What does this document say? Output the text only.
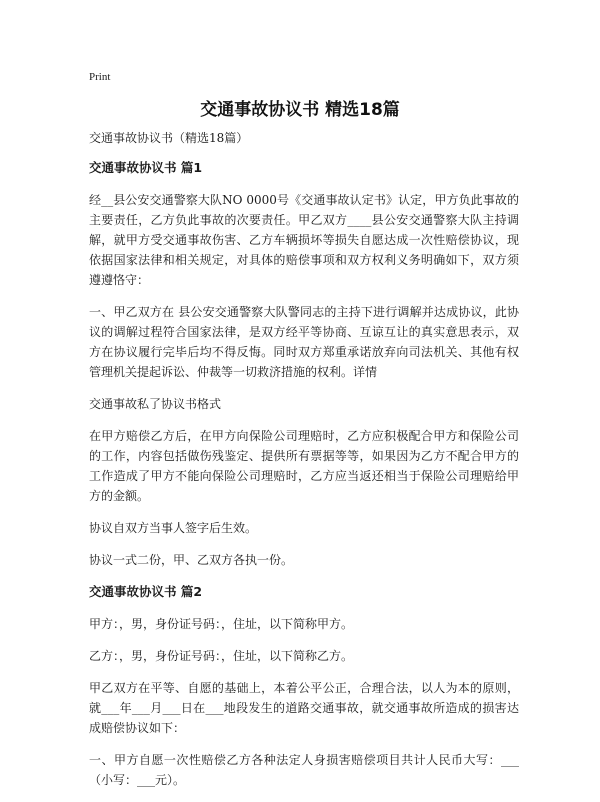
Print
交通事故协议书 精选18篇

交通事故协议书（精选18篇）

交通事故协议书 篇1

经__县公安交通警察大队NO 0000号《交通事故认定书》认定，甲方负此事故的主要责任，乙方负此事故的次要责任。甲乙双方____县公安交通警察大队主持调解，就甲方受交通事故伤害、乙方车辆损坏等损失自愿达成一次性赔偿协议，现依据国家法律和相关规定，对具体的赔偿事项和双方权利义务明确如下，双方须遵遵恪守：

一、甲乙双方在 县公安交通警察大队警同志的主持下进行调解并达成协议，此协议的调解过程符合国家法律，是双方经平等协商、互谅互让的真实意思表示，双方在协议履行完毕后均不得反悔。同时双方郑重承诺放弃向司法机关、其他有权管理机关提起诉讼、仲裁等一切救济措施的权利。详情

交通事故私了协议书格式

在甲方赔偿乙方后，在甲方向保险公司理赔时，乙方应积极配合甲方和保险公司的工作，内容包括做伤残鉴定、提供所有票据等等，如果因为乙方不配合甲方的工作造成了甲方不能向保险公司理赔时，乙方应当返还相当于保险公司理赔给甲方的金额。

协议自双方当事人签字后生效。

协议一式二份，甲、乙双方各执一份。

交通事故协议书 篇2

甲方：，男，身份证号码：，住址，以下简称甲方。

乙方：，男，身份证号码：，住址，以下简称乙方。

甲乙双方在平等、自愿的基础上，本着公平公正，合理合法，以人为本的原则，就___年___月___日在___地段发生的道路交通事故，就交通事故所造成的损害达成赔偿协议如下：

一、甲方自愿一次性赔偿乙方各种法定人身损害赔偿项目共计人民币大写：___（小写：___元）。
